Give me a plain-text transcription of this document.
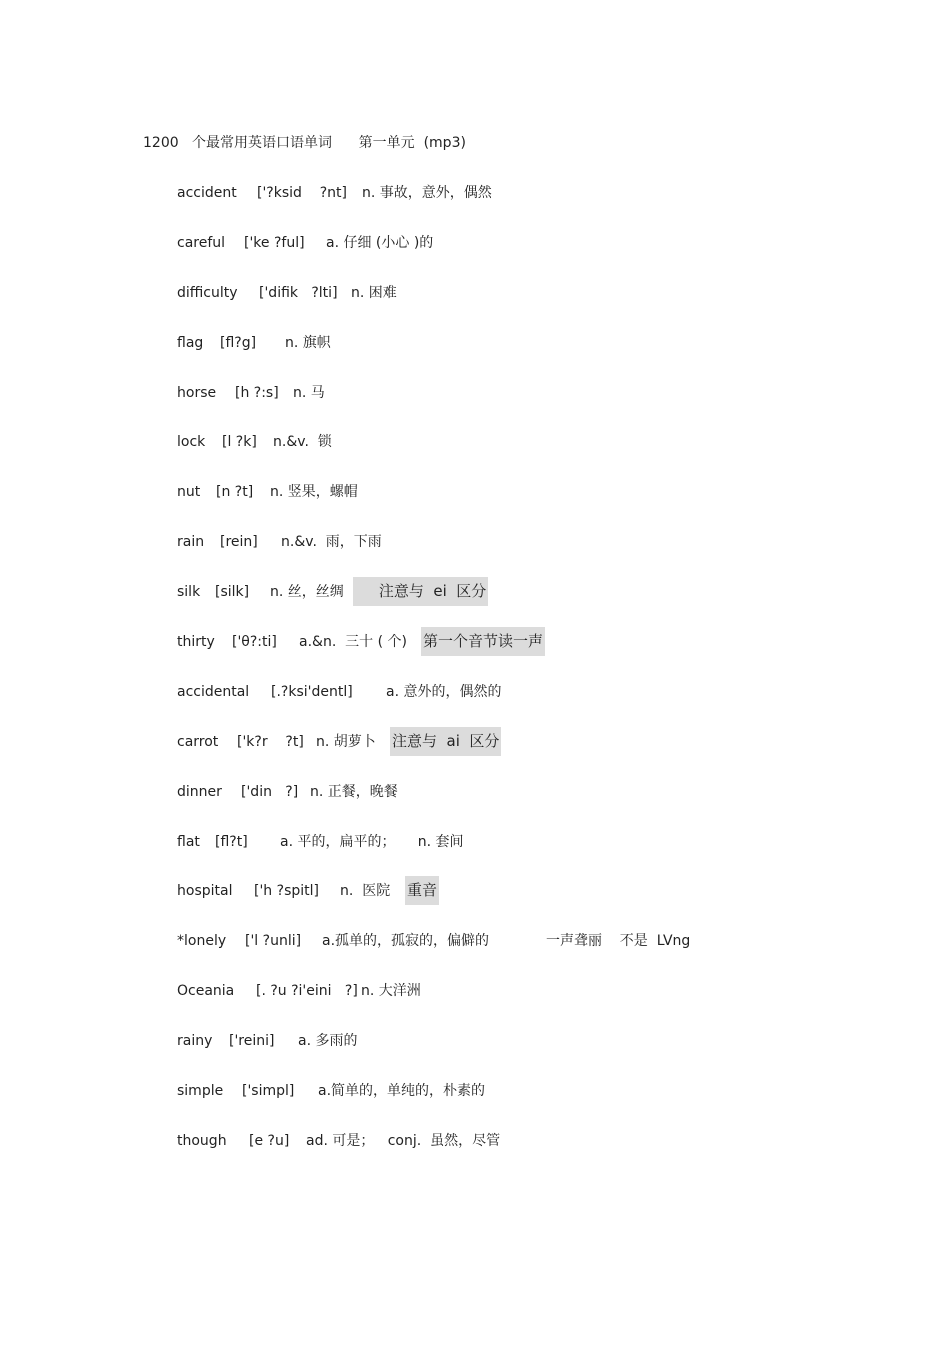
1200   个最常用英语口语单词      第一单元  (mp3)
accident ['?ksid    ?nt] n. 事故，意外，偶然
careful ['ke ?ful] a. 仔细 (小心 )的
difficulty ['difik   ?lti] n. 困难
flag [fl?g] n. 旗帜
horse [h ?:s] n. 马
lock [l ?k] n.&v.  锁
nut [n ?t] n. 竖果，螺帽
rain [rein] n.&v.  雨，下雨
silk [silk] n. 丝，丝绸 注意与  ei  区分
thirty ['θ?:ti] a.&n.  三十 ( 个) 第一个音节读一声
accidental [.?ksi'dentl] a. 意外的，偶然的
carrot ['k?r    ?t] n. 胡萝卜 注意与  ai  区分
dinner ['din   ?] n. 正餐，晚餐
flat [fl?t] a. 平的，扁平的；     n. 套间
hospital ['h ?spitl] n.  医院 重音
*lonely ['l ?unli] a.孤单的，孤寂的，偏僻的	一声聋丽    不是  LVng
Oceania [. ?u ?i'eini   ?] n. 大洋洲
rainy ['reini] a. 多雨的
simple ['simpl] a.简单的，单纯的，朴素的
though [e ?u] ad. 可是；   conj.  虽然，尽管
